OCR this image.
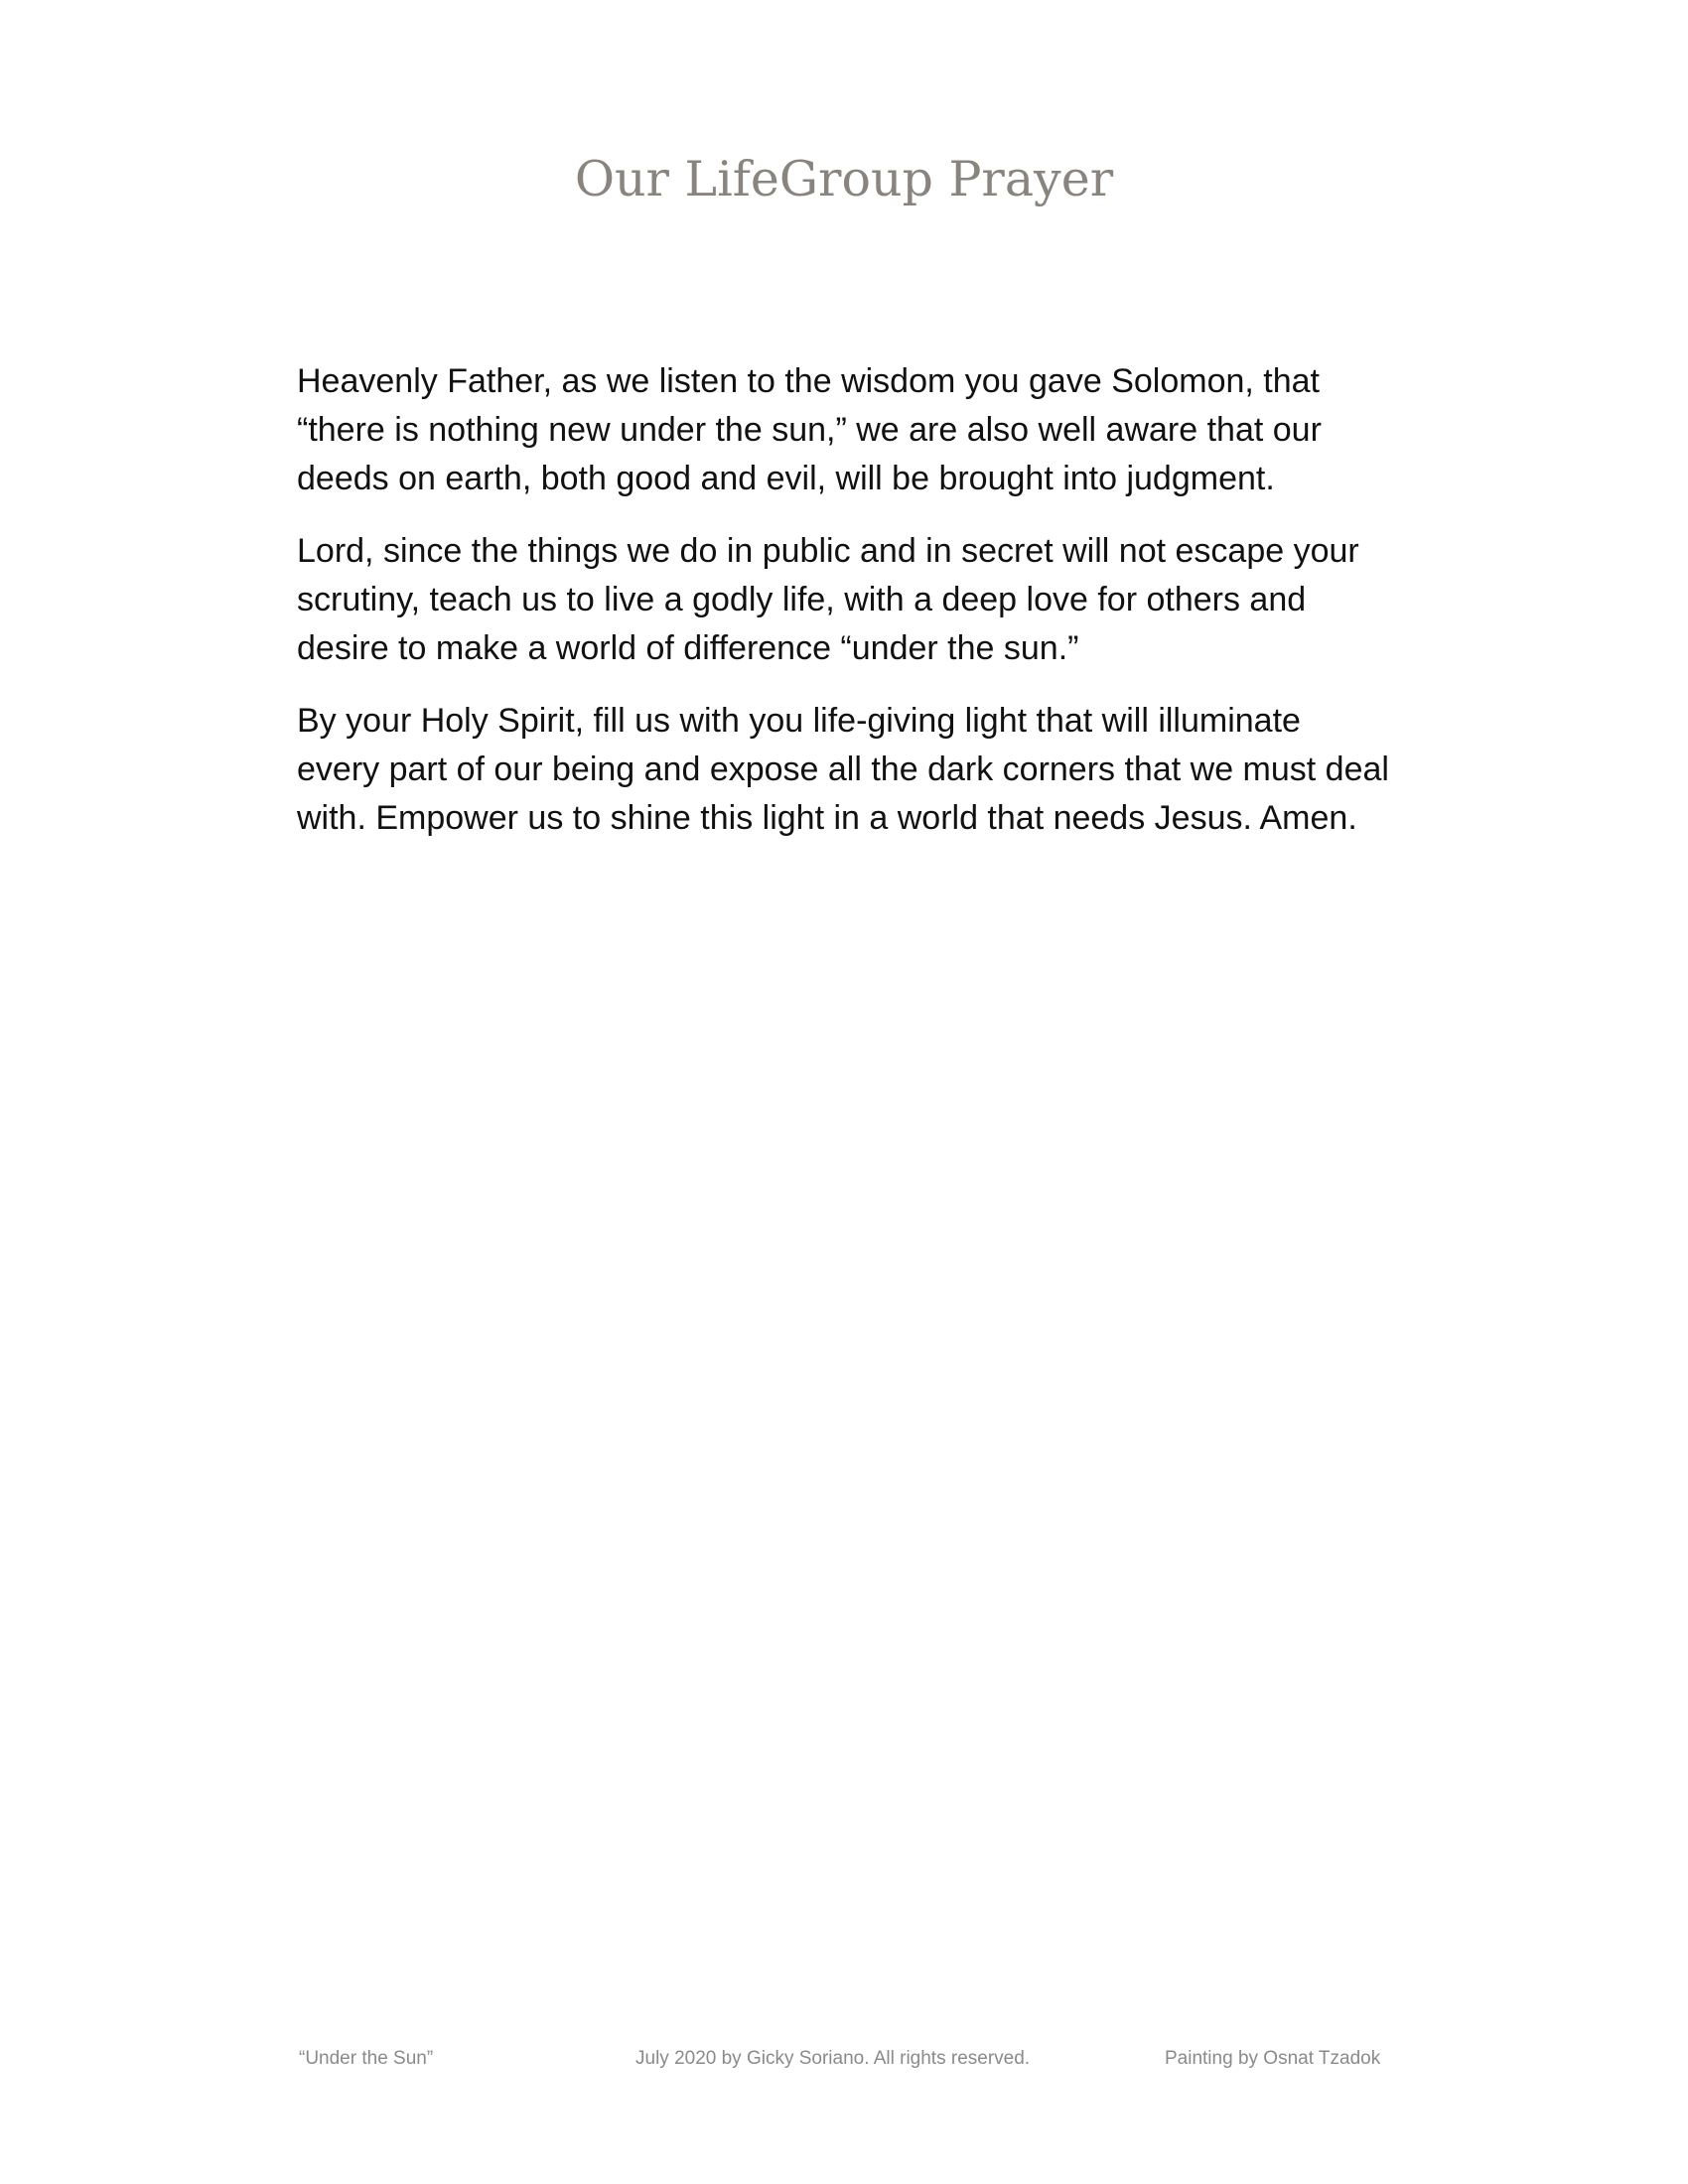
Our LifeGroup Prayer

Heavenly Father, as we listen to the wisdom you gave Solomon, that
“there is nothing new under the sun,” we are also well aware that our
deeds on earth, both good and evil, will be brought into judgment.

Lord, since the things we do in public and in secret will not escape your
scrutiny, teach us to live a godly life, with a deep love for others and
desire to make a world of difference “under the sun.”

By your Holy Spirit, fill us with you life-giving light that will illuminate
every part of our being and expose all the dark corners that we must deal
with. Empower us to shine this light in a world that needs Jesus. Amen.

“Under the Sun”	July 2020 by Gicky Soriano. All rights reserved.	Painting by Osnat Tzadok
